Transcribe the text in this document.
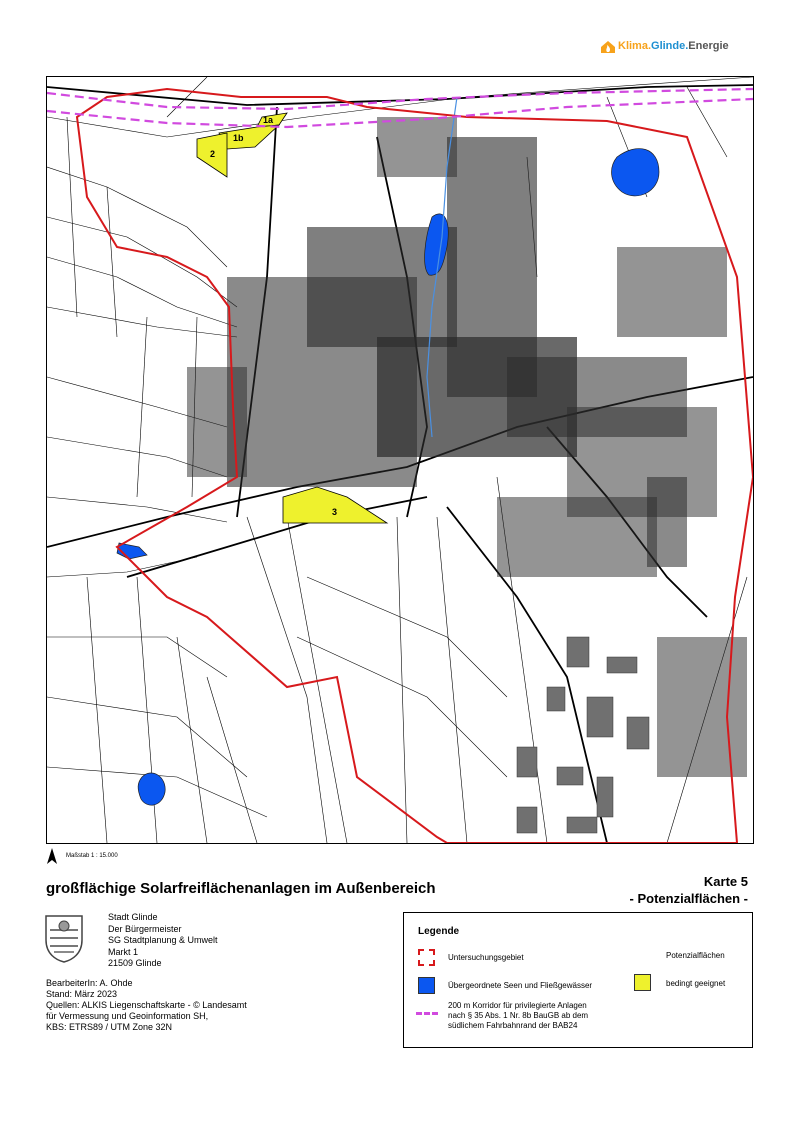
Klima.Glinde.Energie
1a
1b
2
3
Maßstab 1 : 15.000
großflächige Solarfreiflächenanlagen im Außenbereich	Karte 5
- Potenzialflächen -
Stadt Glinde
Der Bürgermeister
SG Stadtplanung & Umwelt
Markt 1
21509 Glinde
BearbeiterIn: A. Ohde
Stand: März 2023
Quellen: ALKIS Liegenschaftskarte - © Landesamt
für Vermessung und Geoinformation SH,
KBS: ETRS89 / UTM Zone 32N
Legende
Untersuchungsgebiet
Übergeordnete Seen und Fließgewässer
200 m Korridor für privilegierte Anlagen
nach § 35 Abs. 1 Nr. 8b BauGB ab dem
südlichem Fahrbahnrand der BAB24
Potenzialflächen
bedingt geeignet
